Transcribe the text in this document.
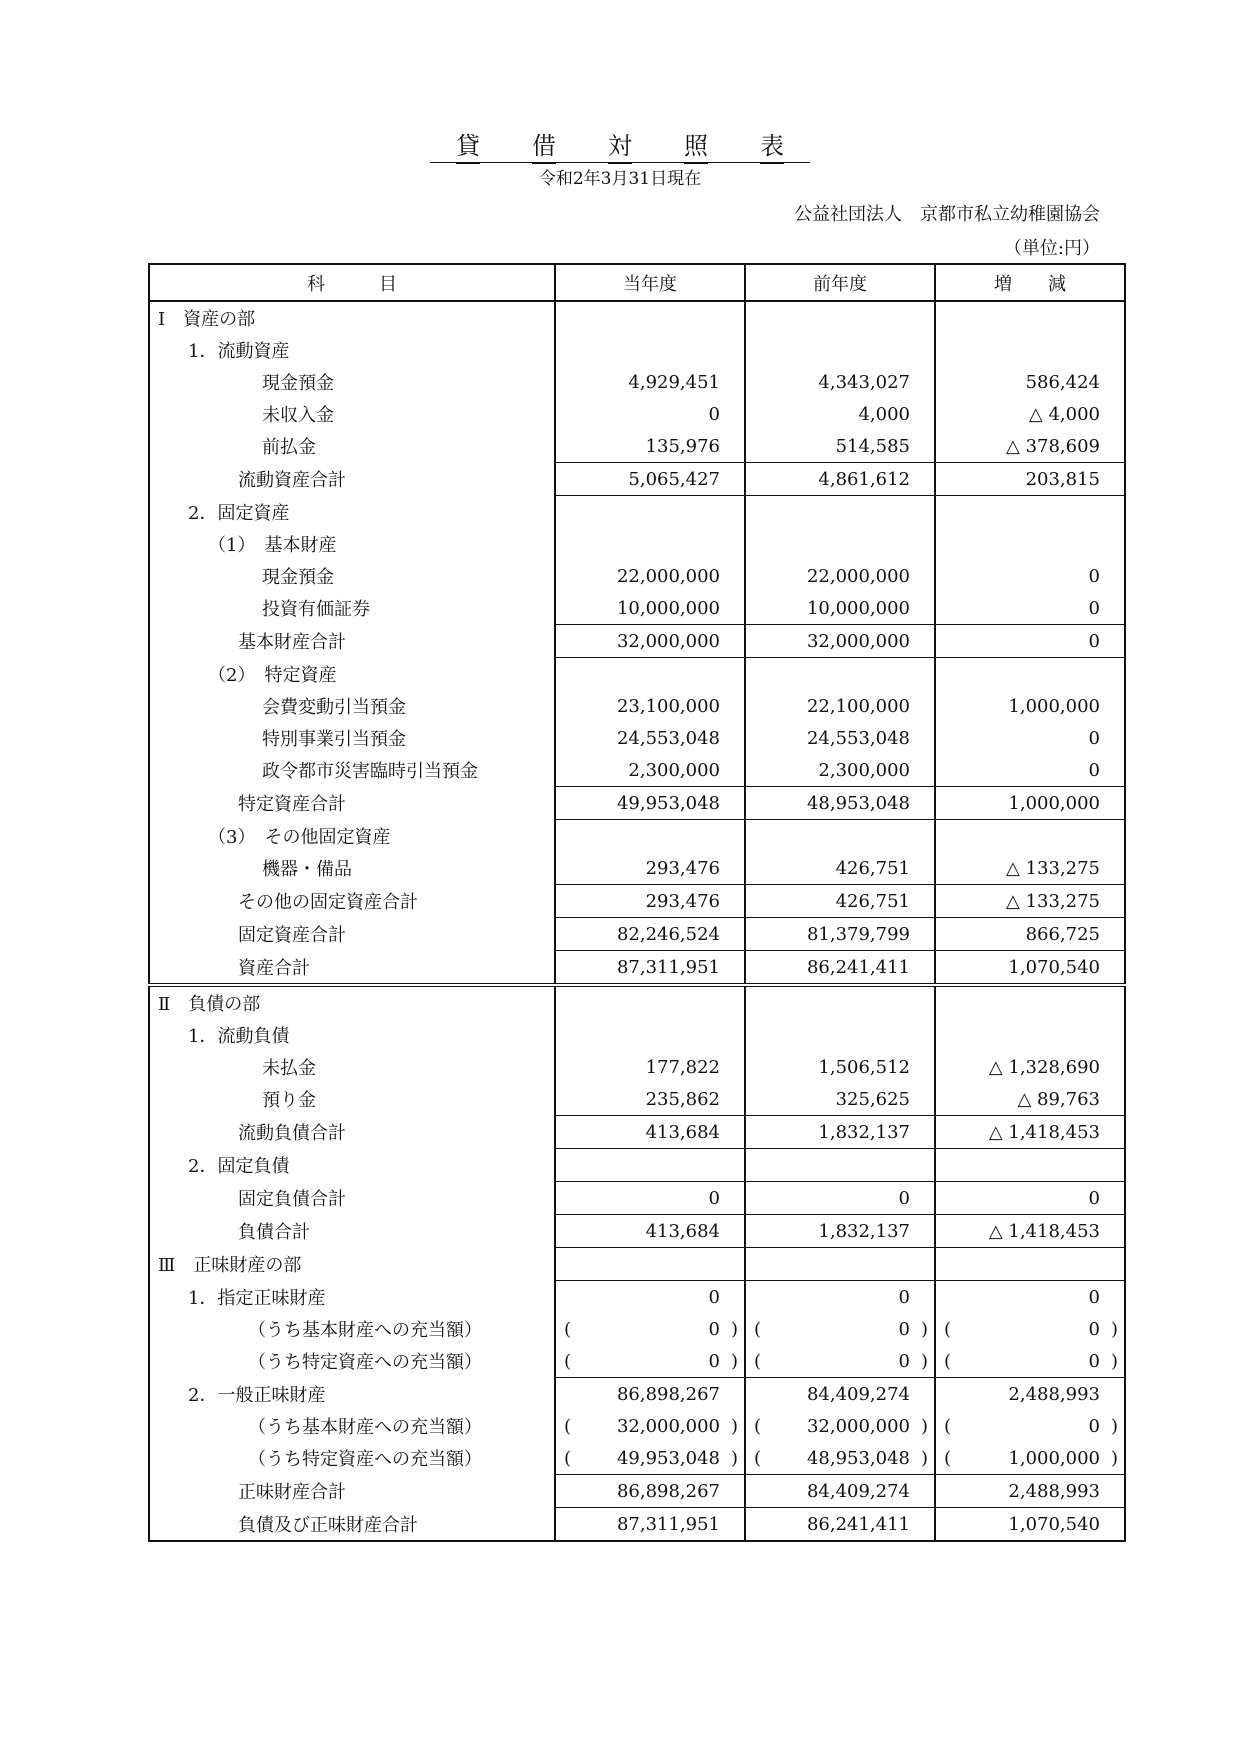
貸 借 対 照 表
令和2年3月31日現在
公益社団法人　京都市私立幼稚園協会
（単位:円）
科　　　目	当年度	前年度	増　　減
Ⅰ　資産の部			
1．流動資産			
現金預金	4,929,451	4,343,027	586,424
未収入金	0	4,000	△ 4,000
前払金	135,976	514,585	△ 378,609
流動資産合計	5,065,427	4,861,612	203,815
2．固定資産			
（1）　基本財産			
現金預金	22,000,000	22,000,000	0
投資有価証券	10,000,000	10,000,000	0
基本財産合計	32,000,000	32,000,000	0
（2）　特定資産			
会費変動引当預金	23,100,000	22,100,000	1,000,000
特別事業引当預金	24,553,048	24,553,048	0
政令都市災害臨時引当預金	2,300,000	2,300,000	0
特定資産合計	49,953,048	48,953,048	1,000,000
（3）　その他固定資産			
機器・備品	293,476	426,751	△ 133,275
その他の固定資産合計	293,476	426,751	△ 133,275
固定資産合計	82,246,524	81,379,799	866,725
資産合計	87,311,951	86,241,411	1,070,540
Ⅱ　負債の部			
1．流動負債			
未払金	177,822	1,506,512	△ 1,328,690
預り金	235,862	325,625	△ 89,763
流動負債合計	413,684	1,832,137	△ 1,418,453
2．固定負債			
固定負債合計	0	0	0
負債合計	413,684	1,832,137	△ 1,418,453
Ⅲ　正味財産の部			
1．指定正味財産	0	0	0
（うち基本財産への充当額）	( 0 )	( 0 )	( 0 )

（うち特定資産への充当額）	( 0 )	( 0 )	( 0 )

2．一般正味財産	86,898,267	84,409,274	2,488,993
（うち基本財産への充当額）	( 32,000,000 )	( 32,000,000 )	( 0 )

（うち特定資産への充当額）	( 49,953,048 )	( 48,953,048 )	( 1,000,000 )

正味財産合計	86,898,267	84,409,274	2,488,993
負債及び正味財産合計	87,311,951	86,241,411	1,070,540
